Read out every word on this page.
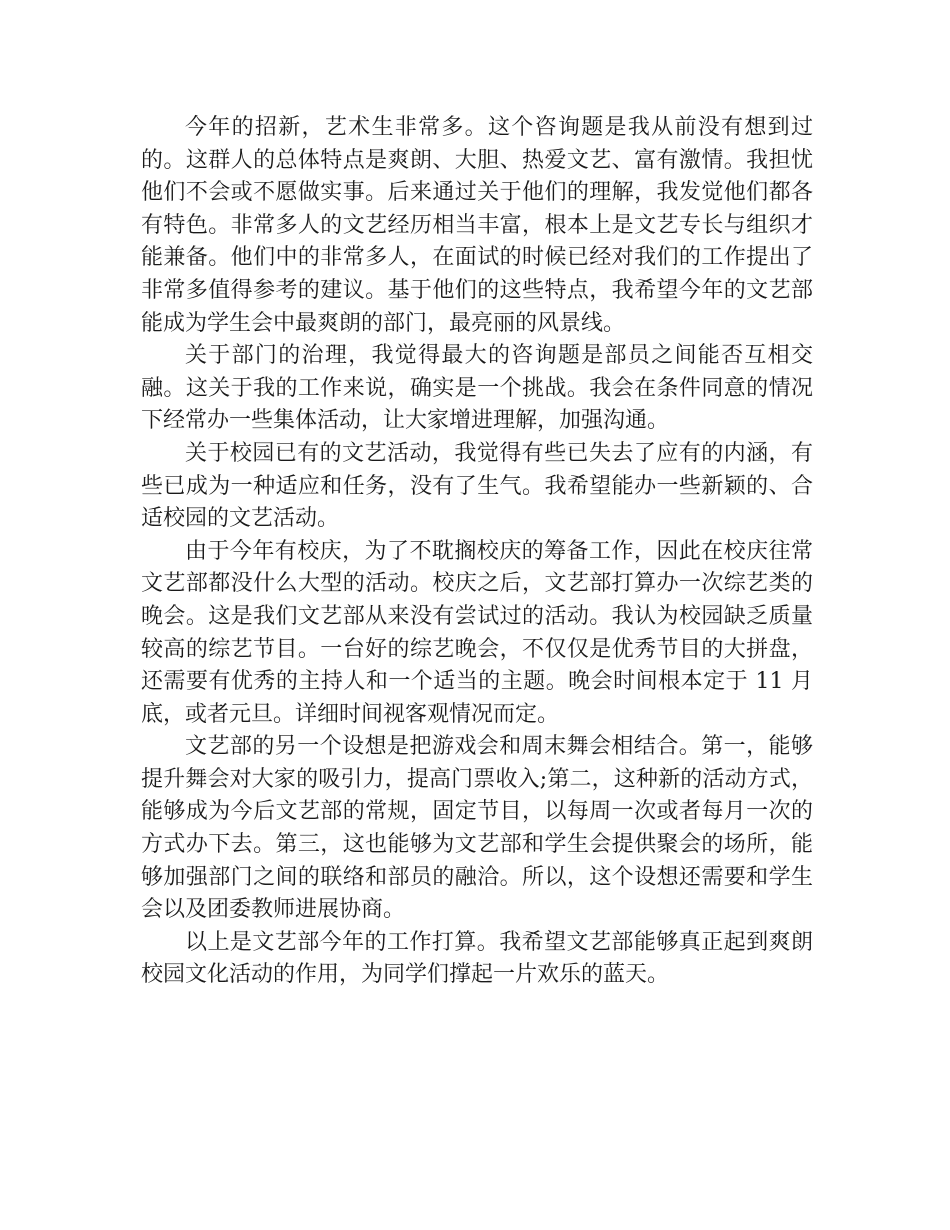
今年的招新，艺术生非常多。这个咨询题是我从前没有想到过的。这群人的总体特点是爽朗、大胆、热爱文艺、富有激情。我担忧他们不会或不愿做实事。后来通过关于他们的理解，我发觉他们都各有特色。非常多人的文艺经历相当丰富，根本上是文艺专长与组织才能兼备。他们中的非常多人，在面试的时候已经对我们的工作提出了非常多值得参考的建议。基于他们的这些特点，我希望今年的文艺部能成为学生会中最爽朗的部门，最亮丽的风景线。

关于部门的治理，我觉得最大的咨询题是部员之间能否互相交融。这关于我的工作来说，确实是一个挑战。我会在条件同意的情况下经常办一些集体活动，让大家增进理解，加强沟通。

关于校园已有的文艺活动，我觉得有些已失去了应有的内涵，有些已成为一种适应和任务，没有了生气。我希望能办一些新颖的、合适校园的文艺活动。

由于今年有校庆，为了不耽搁校庆的筹备工作，因此在校庆往常文艺部都没什么大型的活动。校庆之后，文艺部打算办一次综艺类的晚会。这是我们文艺部从来没有尝试过的活动。我认为校园缺乏质量较高的综艺节目。一台好的综艺晚会，不仅仅是优秀节目的大拼盘，还需要有优秀的主持人和一个适当的主题。晚会时间根本定于 11 月底，或者元旦。详细时间视客观情况而定。

文艺部的另一个设想是把游戏会和周末舞会相结合。第一，能够提升舞会对大家的吸引力，提高门票收入;第二，这种新的活动方式，能够成为今后文艺部的常规，固定节目，以每周一次或者每月一次的方式办下去。第三，这也能够为文艺部和学生会提供聚会的场所，能够加强部门之间的联络和部员的融洽。所以，这个设想还需要和学生会以及团委教师进展协商。

以上是文艺部今年的工作打算。我希望文艺部能够真正起到爽朗校园文化活动的作用，为同学们撑起一片欢乐的蓝天。
